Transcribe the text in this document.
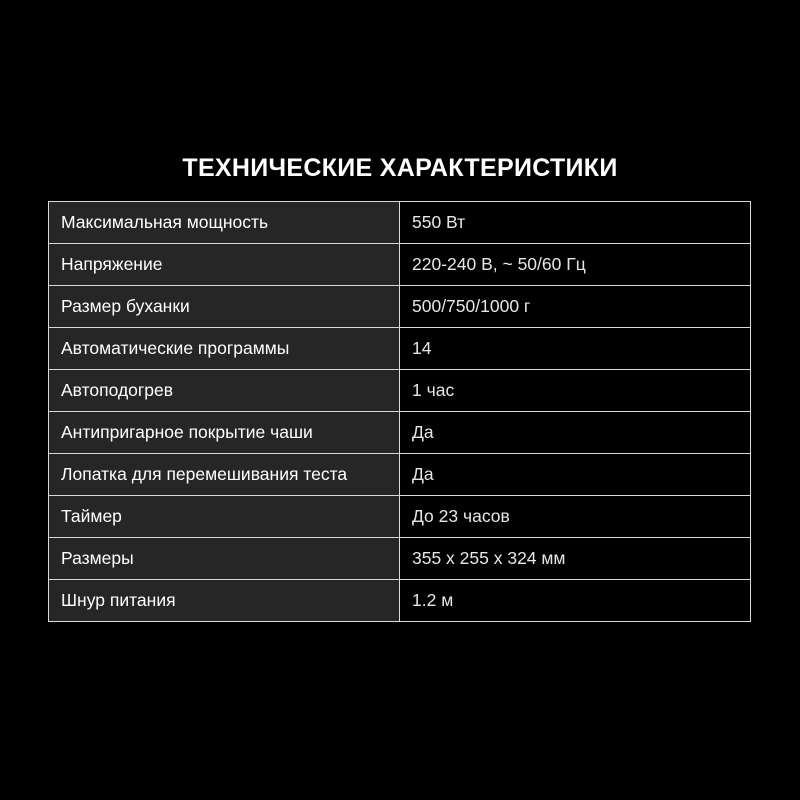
ТЕХНИЧЕСКИЕ ХАРАКТЕРИСТИКИ
Максимальная мощность	550 Вт
Напряжение	220-240 В, ~ 50/60 Гц
Размер буханки	500/750/1000 г
Автоматические программы	14
Автоподогрев	1 час
Антипригарное покрытие чаши	Да
Лопатка для перемешивания теста	Да
Таймер	До 23 часов
Размеры	355 х 255 х 324 мм
Шнур питания	1.2 м
